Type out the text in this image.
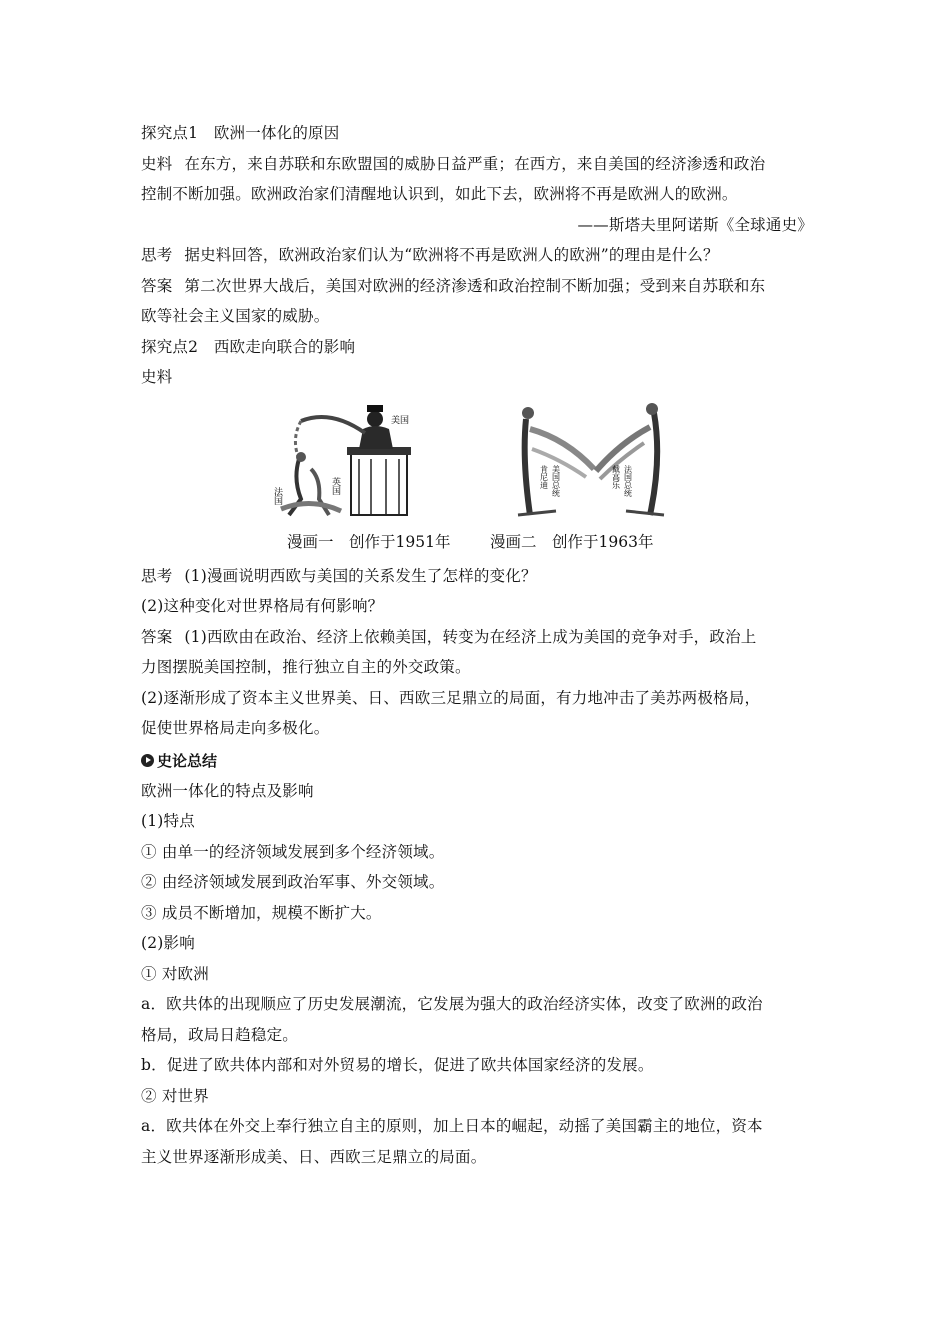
探究点1　欧洲一体化的原因
史料 在东方，来自苏联和东欧盟国的威胁日益严重；在西方，来自美国的经济渗透和政治
控制不断加强。欧洲政治家们清醒地认识到，如此下去，欧洲将不再是欧洲人的欧洲。
——斯塔夫里阿诺斯《全球通史》
思考 据史料回答，欧洲政治家们认为“欧洲将不再是欧洲人的欧洲”的理由是什么？
答案 第二次世界大战后，美国对欧洲的经济渗透和政治控制不断加强；受到来自苏联和东
欧等社会主义国家的威胁。
探究点2　西欧走向联合的影响
史料
美国
英国
法国
肯尼迪 美国总统	戴高乐 法国总统
漫画一　创作于1951年	漫画二　创作于1963年
思考 (1)漫画说明西欧与美国的关系发生了怎样的变化？
(2)这种变化对世界格局有何影响？
答案 (1)西欧由在政治、经济上依赖美国，转变为在经济上成为美国的竞争对手，政治上
力图摆脱美国控制，推行独立自主的外交政策。
(2)逐渐形成了资本主义世界美、日、西欧三足鼎立的局面，有力地冲击了美苏两极格局，
促使世界格局走向多极化。
史论总结
欧洲一体化的特点及影响
(1)特点
① 由单一的经济领域发展到多个经济领域。
② 由经济领域发展到政治军事、外交领域。
③ 成员不断增加，规模不断扩大。
(2)影响
① 对欧洲
a．欧共体的出现顺应了历史发展潮流，它发展为强大的政治经济实体，改变了欧洲的政治
格局，政局日趋稳定。
b．促进了欧共体内部和对外贸易的增长，促进了欧共体国家经济的发展。
② 对世界
a．欧共体在外交上奉行独立自主的原则，加上日本的崛起，动摇了美国霸主的地位，资本
主义世界逐渐形成美、日、西欧三足鼎立的局面。
